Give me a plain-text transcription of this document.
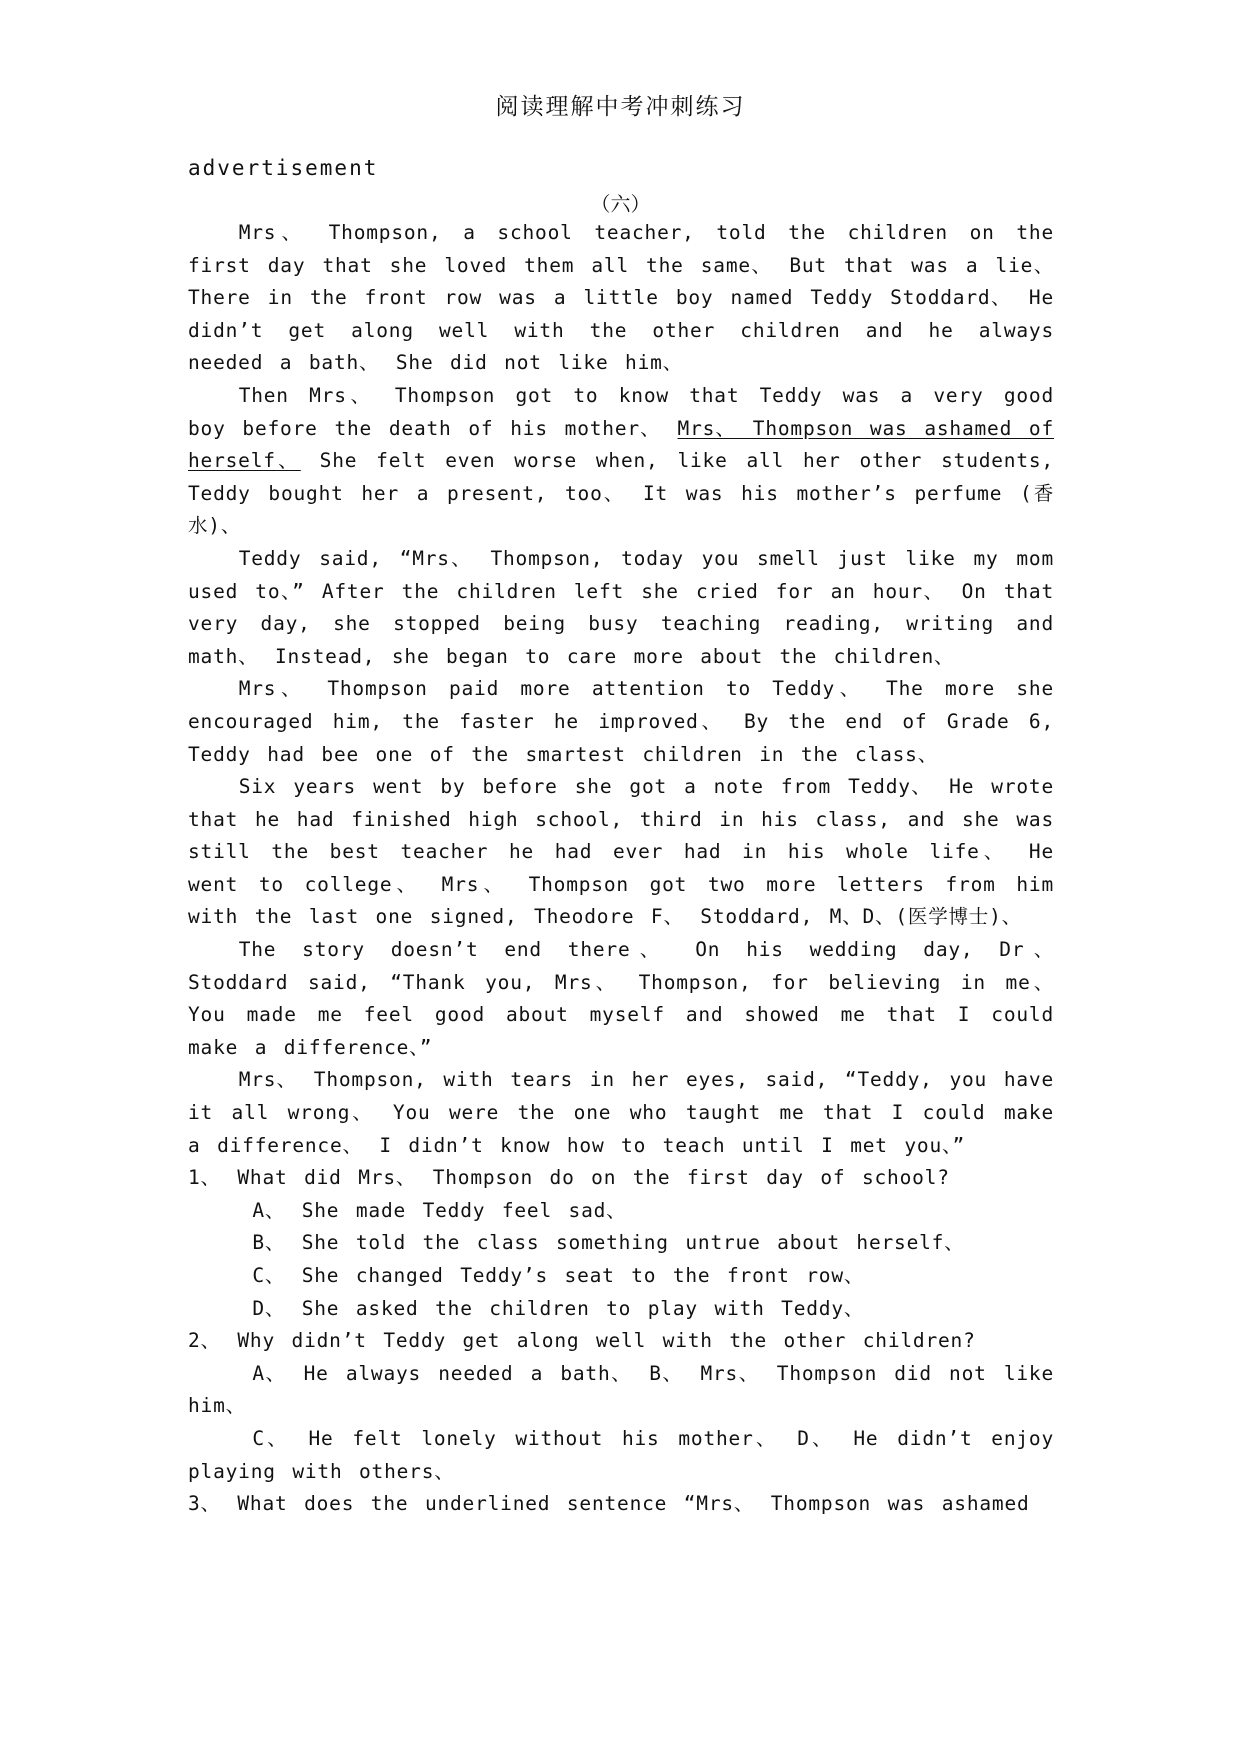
阅读理解中考冲刺练习
advertisement
（六）

Mrs、 Thompson, a school teacher, told the children on the first day that she loved them all the same、 But that was a lie、 There in the front row was a little boy named Teddy Stoddard、 He didn’t get along well with the other children and he always needed a bath、 She did not like him、

Then Mrs、 Thompson got to know that Teddy was a very good boy before the death of his mother、 Mrs、 Thompson was ashamed of herself、 She felt even worse when, like all her other students, Teddy bought her a present, too、 It was his mother’s perfume (香水)、

Teddy said, “Mrs、 Thompson, today you smell just like my mom used to、” After the children left she cried for an hour、 On that very day, she stopped being busy teaching reading, writing and math、 Instead, she began to care more about the children、

Mrs、 Thompson paid more attention to Teddy、 The more she encouraged him, the faster he improved、 By the end of Grade 6, Teddy had bee one of the smartest children in the class、

Six years went by before she got a note from Teddy、 He wrote that he had finished high school, third in his class, and she was still the best teacher he had ever had in his whole life、 He went to college、 Mrs、 Thompson got two more letters from him with the last one signed, Theodore F、 Stoddard, M、D、(医学博士)、

The story doesn’t end there、 On his wedding day, Dr、 Stoddard said, “Thank you, Mrs、 Thompson, for believing in me、 You made me feel good about myself and showed me that I could make a difference、”

Mrs、 Thompson, with tears in her eyes, said, “Teddy, you have it all wrong、 You were the one who taught me that I could make a difference、 I didn’t know how to teach until I met you、”

1、 What did Mrs、 Thompson do on the first day of school?

A、 She made Teddy feel sad、

B、 She told the class something untrue about herself、

C、 She changed Teddy’s seat to the front row、

D、 She asked the children to play with Teddy、

2、 Why didn’t Teddy get along well with the other children?

A、 He always needed a bath、 B、 Mrs、 Thompson did not like him、

C、 He felt lonely without his mother、 D、 He didn’t enjoy playing with others、

3、 What does the underlined sentence “Mrs、 Thompson was ashamed
